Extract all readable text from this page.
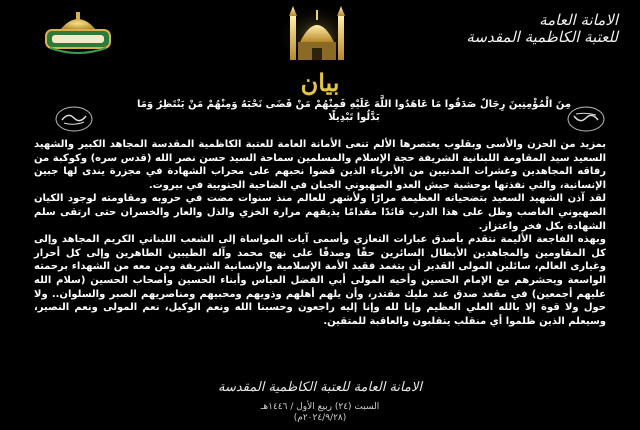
الامانة العامة
للعتبة الكاظمية المقدسة
بيان
مِنَ الْمُؤْمِنِينَ رِجَالٌ صَدَقُوا مَا عَاهَدُوا اللَّهَ عَلَيْهِ فَمِنْهُمْ مَنْ قَضَى نَحْبَهُ وَمِنْهُمْ مَنْ يَنْتَظِرُ وَمَا بَدَّلُوا تَبْدِيلًا

بمزيد من الحزن والأسى وبقلوب يعتصرها الألم تنعى الأمانة العامة للعتبة الكاظمية المقدسة المجاهد الكبير والشهيد السعيد سيد المقاومة اللبنانية الشريفة حجة الإسلام والمسلمين سماحة السيد حسن نصر الله (قدس سره) وكوكبة من رفاقه المجاهدين وعشرات المدنيين من الأبرياء الذين قضوا نحبهم على محراب الشهادة في مجزرة يندى لها جبين الإنسانية، والتي نفذتها بوحشية جيش العدو الصهيوني الجبان في الضاحية الجنوبية في بيروت.

لقد آذن الشهيد السعيد بتضحياته العظيمة مرارًا ولأشهر للعالم منذ سنوات مضت في حروبه ومقاومته لوجود الكيان الصهيوني الغاصب وظل على هذا الدرب قائدًا مقدامًا يذيقهم مرارة الخزي والذل والعار والخسران حتى ارتقى سلم الشهادة بكل فخر واعتزاز.

وبهذه الفاجعة الأليمة نتقدم بأصدق عبارات التعازي وأسمى آيات المواساة إلى الشعب اللبناني الكريم المجاهد وإلى كل المقاومين والمجاهدين الأبطال السائرين حقًا وصدقًا على نهج محمد وآله الطيبين الطاهرين وإلى كل أحرار وغيارى العالم، سائلين المولى القدير أن يتغمد فقيد الأمة الإسلامية والإنسانية الشريفة ومن معه من الشهداء برحمته الواسعة ويحشرهم مع الإمام الحسين وأخيه المولى أبي الفضل العباس وأبناء الحسين وأصحاب الحسين (سلام الله عليهم أجمعين) في مقعد صدق عند مليك مقتدر، وأن يلهم أهلهم وذويهم ومحبيهم ومناصريهم الصبر والسلوان.. ولا حول ولا قوة إلا بالله العلي العظيم وإنا لله وإنا إليه راجعون وحسبنا الله ونعم الوكيل، نعم المولى ونعم النصير، وسيعلم الذين ظلموا أي منقلب ينقلبون والعاقبة للمتقين.

الامانة العامة للعتبة الكاظمية المقدسة
السبت (٢٤) ربيع الأول / ١٤٤٦هـ
(٢٠٢٤/٩/٢٨م)
